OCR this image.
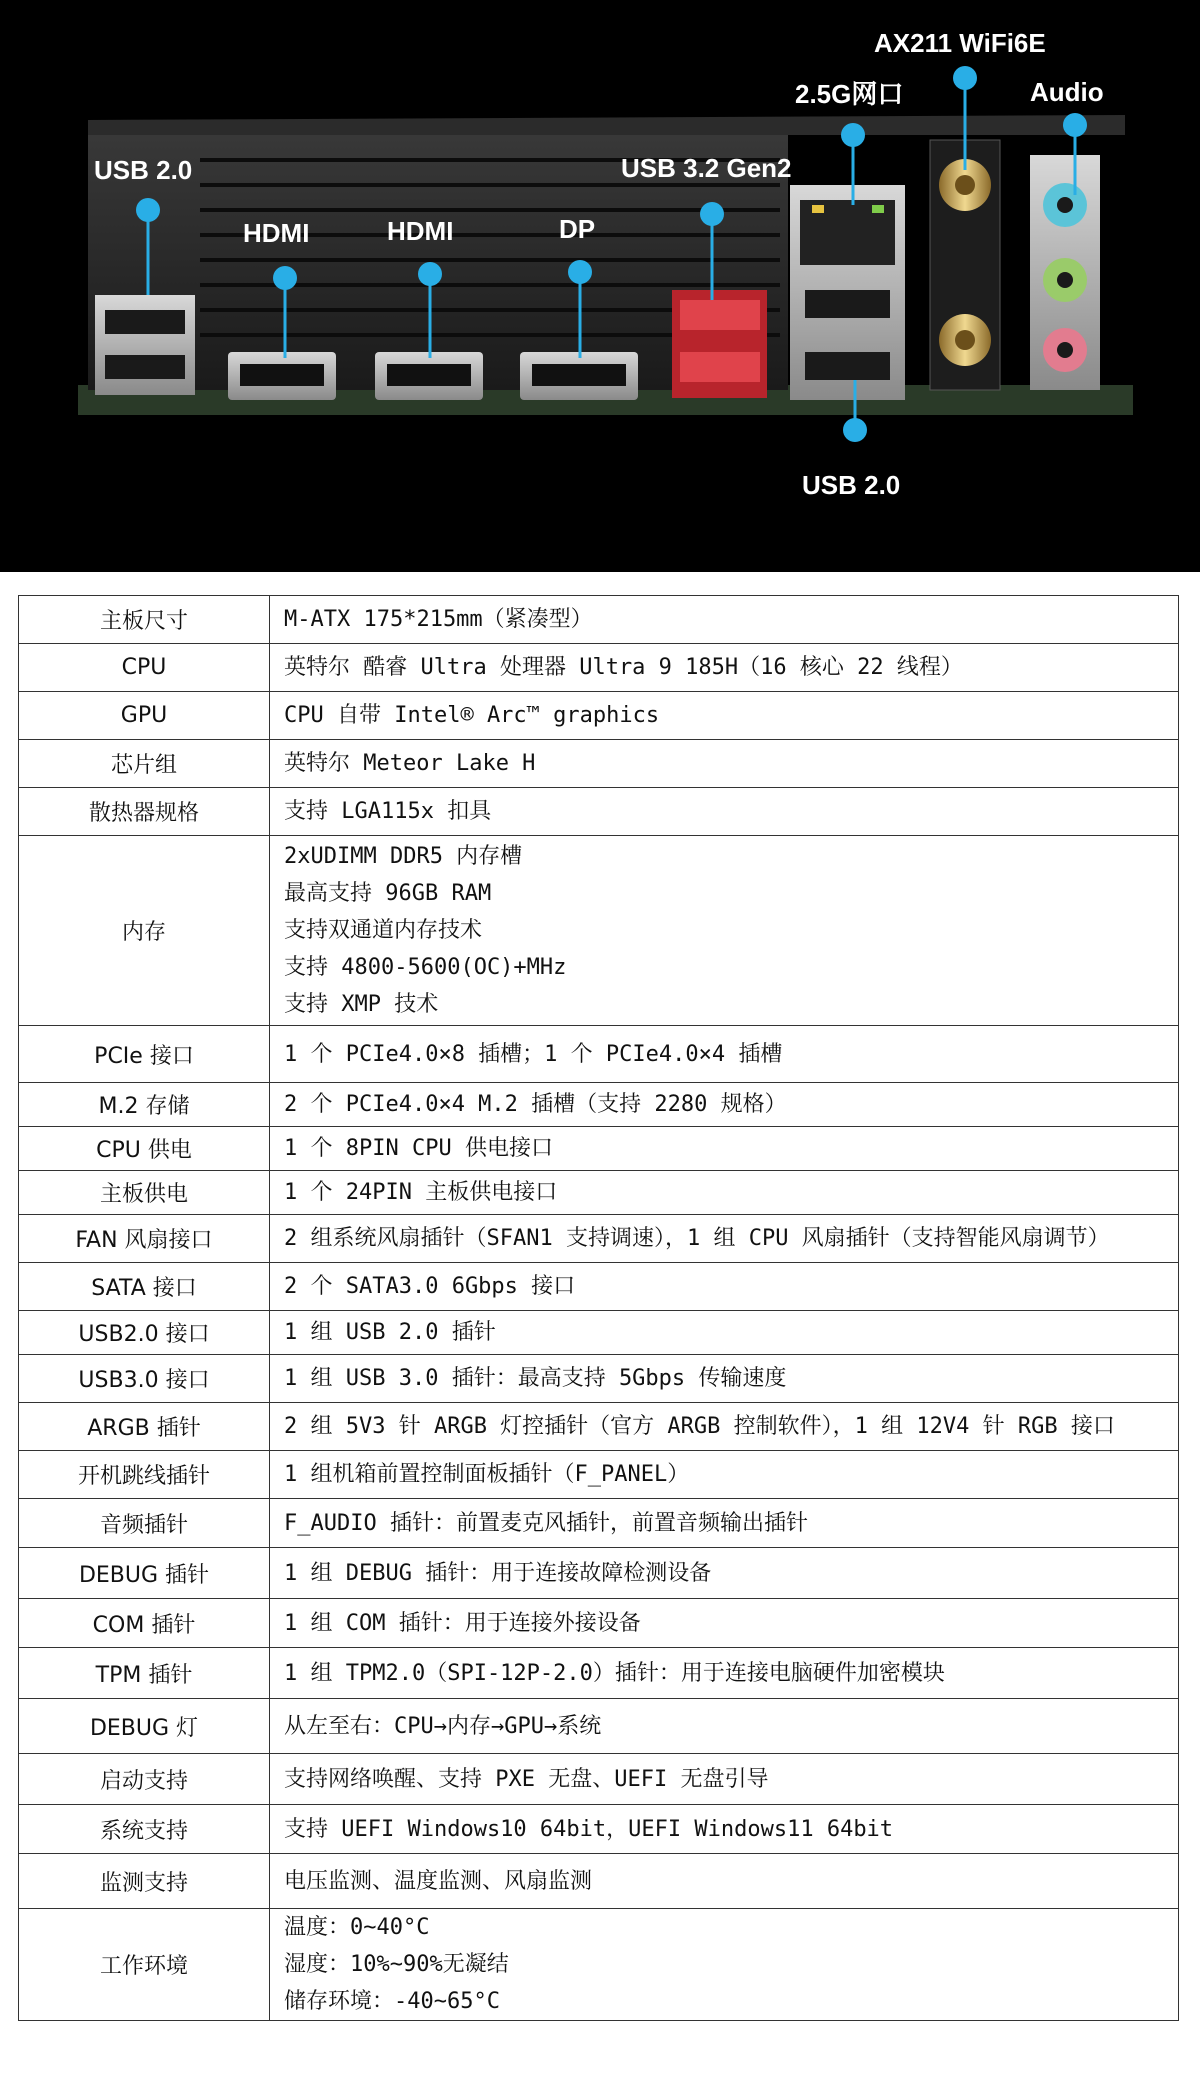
USB 2.0
HDMI	HDMI	DP
USB 3.2 Gen2
2.5G网口
AX211 WiFi6E
Audio
USB 2.0
主板尺寸	M-ATX 175*215mm（紧凑型）

CPU	英特尔 酷睿 Ultra 处理器 Ultra 9 185H（16 核心 22 线程）

GPU	CPU 自带 Intel® Arc™ graphics

芯片组	英特尔 Meteor Lake H

散热器规格	支持 LGA115x 扣具

内存	2xUDIMM DDR5 内存槽
最高支持 96GB RAM
支持双通道内存技术
支持 4800-5600(OC)+MHz
支持 XMP 技术

PCIe 接口	1 个 PCIe4.0×8 插槽；1 个 PCIe4.0×4 插槽

M.2 存储	2 个 PCIe4.0×4 M.2 插槽（支持 2280 规格）

CPU 供电	1 个 8PIN CPU 供电接口

主板供电	1 个 24PIN 主板供电接口

FAN 风扇接口	2 组系统风扇插针（SFAN1 支持调速），1 组 CPU 风扇插针（支持智能风扇调节）

SATA 接口	2 个 SATA3.0 6Gbps 接口

USB2.0 接口	1 组 USB 2.0 插针

USB3.0 接口	1 组 USB 3.0 插针：最高支持 5Gbps 传输速度

ARGB 插针	2 组 5V3 针 ARGB 灯控插针（官方 ARGB 控制软件），1 组 12V4 针 RGB 接口

开机跳线插针	1 组机箱前置控制面板插针（F_PANEL）

音频插针	F_AUDIO 插针：前置麦克风插针，前置音频输出插针

DEBUG 插针	1 组 DEBUG 插针：用于连接故障检测设备

COM 插针	1 组 COM 插针：用于连接外接设备

TPM 插针	1 组 TPM2.0（SPI-12P-2.0）插针：用于连接电脑硬件加密模块

DEBUG 灯	从左至右：CPU→内存→GPU→系统

启动支持	支持网络唤醒、支持 PXE 无盘、UEFI 无盘引导

系统支持	支持 UEFI Windows10 64bit，UEFI Windows11 64bit

监测支持	电压监测、温度监测、风扇监测

工作环境	温度：0~40°C
湿度：10%~90%无凝结
储存环境：-40~65°C
